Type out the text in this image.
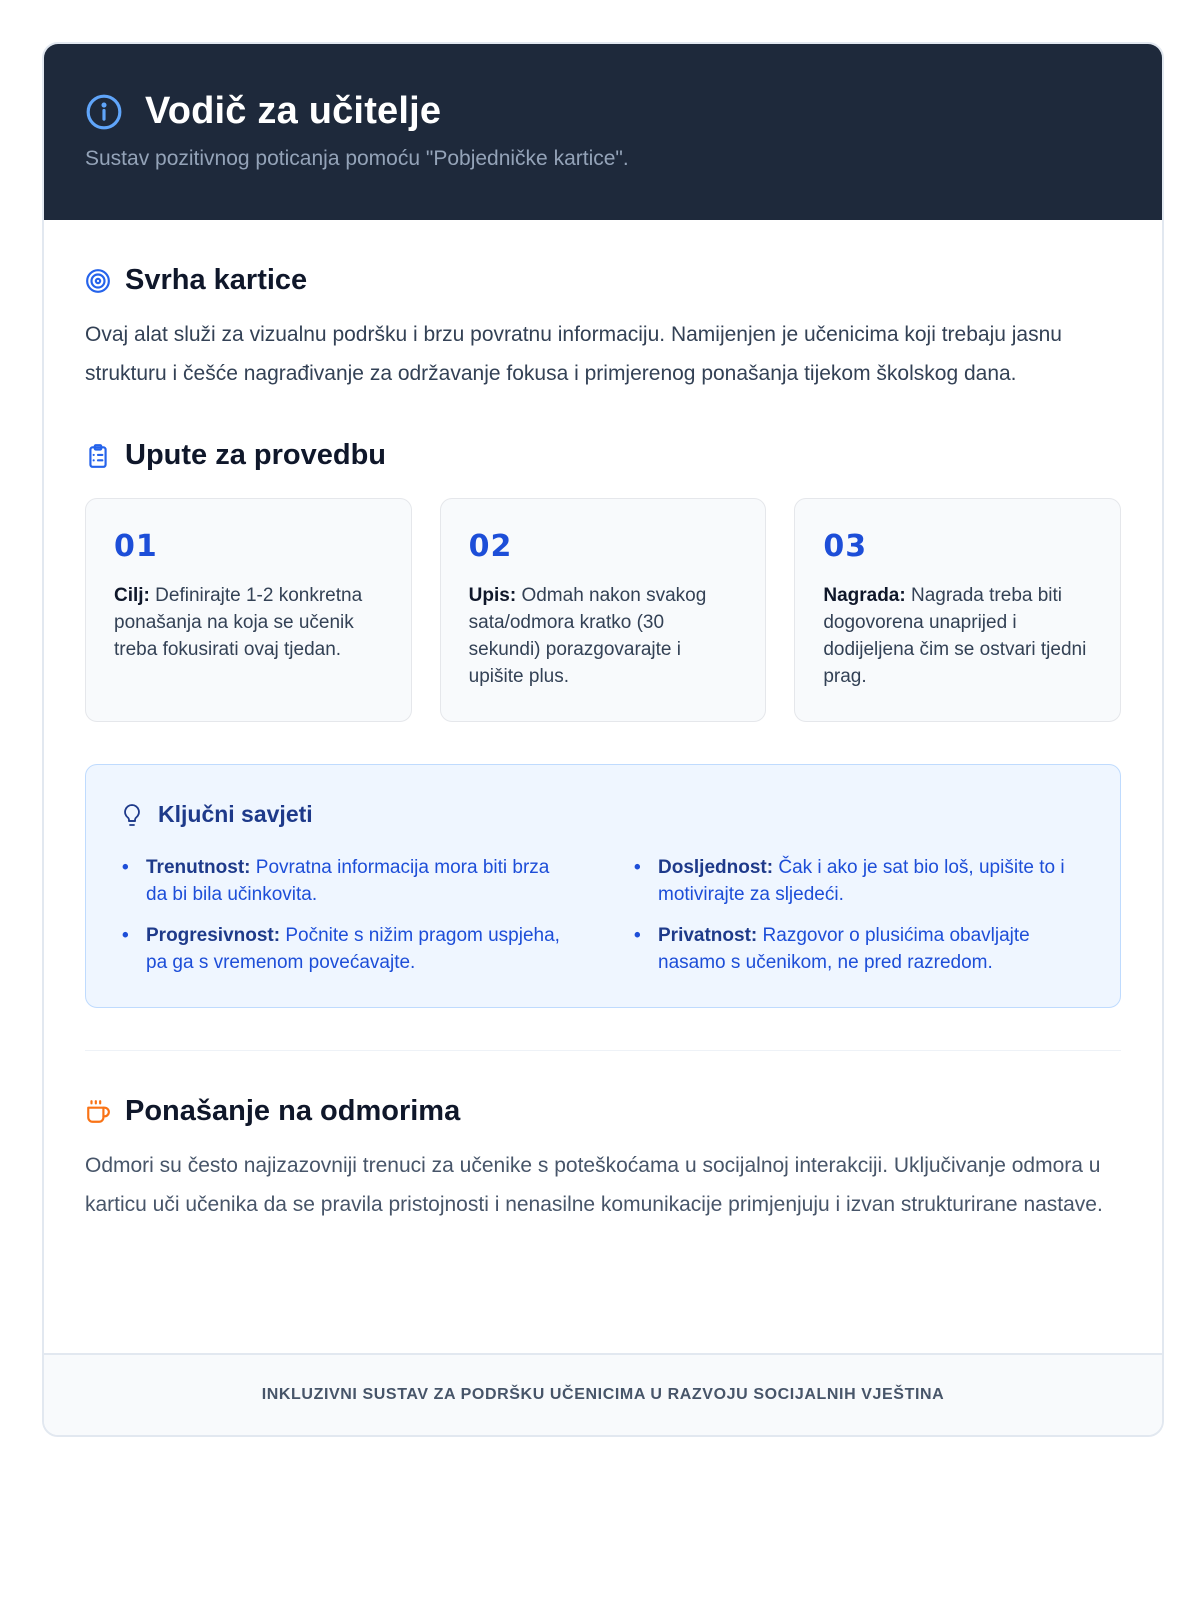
Vodič za učitelje
Sustav pozitivnog poticanja pomoću "Pobjedničke kartice".
Svrha kartice

Ovaj alat služi za vizualnu podršku i brzu povratnu informaciju. Namijenjen je učenicima koji trebaju jasnu strukturu i češće nagrađivanje za održavanje fokusa i primjerenog ponašanja tijekom školskog dana.

Upute za provedbu
01
Cilj: Definirajte 1-2 konkretna ponašanja na koja se učenik treba fokusirati ovaj tjedan.
02
Upis: Odmah nakon svakog sata/odmora kratko (30 sekundi) porazgovarajte i upišite plus.
03
Nagrada: Nagrada treba biti dogovorena unaprijed i dodijeljena čim se ostvari tjedni prag.
Ključni savjeti
• Trenutnost: Povratna informacija mora biti brza da bi bila učinkovita.
• Dosljednost: Čak i ako je sat bio loš, upišite to i motivirajte za sljedeći.
• Progresivnost: Počnite s nižim pragom uspjeha, pa ga s vremenom povećavajte.
• Privatnost: Razgovor o plusićima obavljajte nasamo s učenikom, ne pred razredom.
Ponašanje na odmorima

Odmori su često najizazovniji trenuci za učenike s poteškoćama u socijalnoj interakciji. Uključivanje odmora u karticu uči učenika da se pravila pristojnosti i nenasilne komunikacije primjenjuju i izvan strukturirane nastave.

INKLUZIVNI SUSTAV ZA PODRŠKU UČENICIMA U RAZVOJU SOCIJALNIH VJEŠTINA
